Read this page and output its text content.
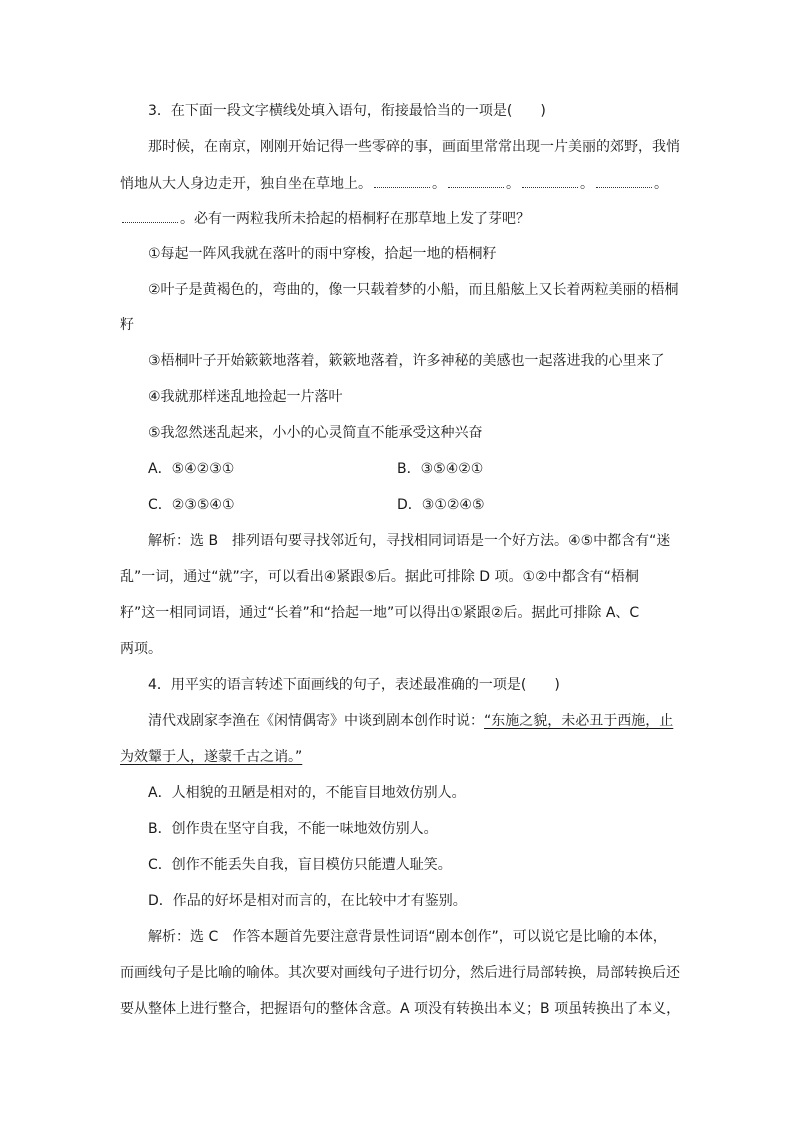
3．在下面一段文字横线处填入语句，衔接最恰当的一项是(　　)
那时候，在南京，刚刚开始记得一些零碎的事，画面里常常出现一片美丽的郊野，我悄
悄地从大人身边走开，独自坐在草地上。	。	。	。	。
。必有一两粒我所未拾起的梧桐籽在那草地上发了芽吧？
①每起一阵风我就在落叶的雨中穿梭，拾起一地的梧桐籽
②叶子是黄褐色的，弯曲的，像一只载着梦的小船，而且船舷上又长着两粒美丽的梧桐
籽
③梧桐叶子开始簌簌地落着，簌簌地落着，许多神秘的美感也一起落进我的心里来了
④我就那样迷乱地捡起一片落叶
⑤我忽然迷乱起来，小小的心灵简直不能承受这种兴奋
A．⑤④②③①	B．③⑤④②①
C．②③⑤④①	D．③①②④⑤
解析：选 B　排列语句要寻找邻近句，寻找相同词语是一个好方法。④⑤中都含有“迷
乱”一词，通过“就”字，可以看出④紧跟⑤后。据此可排除 D 项。①②中都含有“梧桐
籽”这一相同词语，通过“长着”和“拾起一地”可以得出①紧跟②后。据此可排除 A、C
两项。
4．用平实的语言转述下面画线的句子，表述最准确的一项是(　　)
清代戏剧家李渔在《闲情偶寄》中谈到剧本创作时说：“东施之貌，未必丑于西施，止
为效颦于人，遂蒙千古之诮。”
A．人相貌的丑陋是相对的，不能盲目地效仿别人。
B．创作贵在坚守自我，不能一味地效仿别人。
C．创作不能丢失自我，盲目模仿只能遭人耻笑。
D．作品的好坏是相对而言的，在比较中才有鉴别。
解析：选 C　作答本题首先要注意背景性词语“剧本创作”，可以说它是比喻的本体，
而画线句子是比喻的喻体。其次要对画线句子进行切分，然后进行局部转换，局部转换后还
要从整体上进行整合，把握语句的整体含意。A 项没有转换出本义；B 项虽转换出了本义，
